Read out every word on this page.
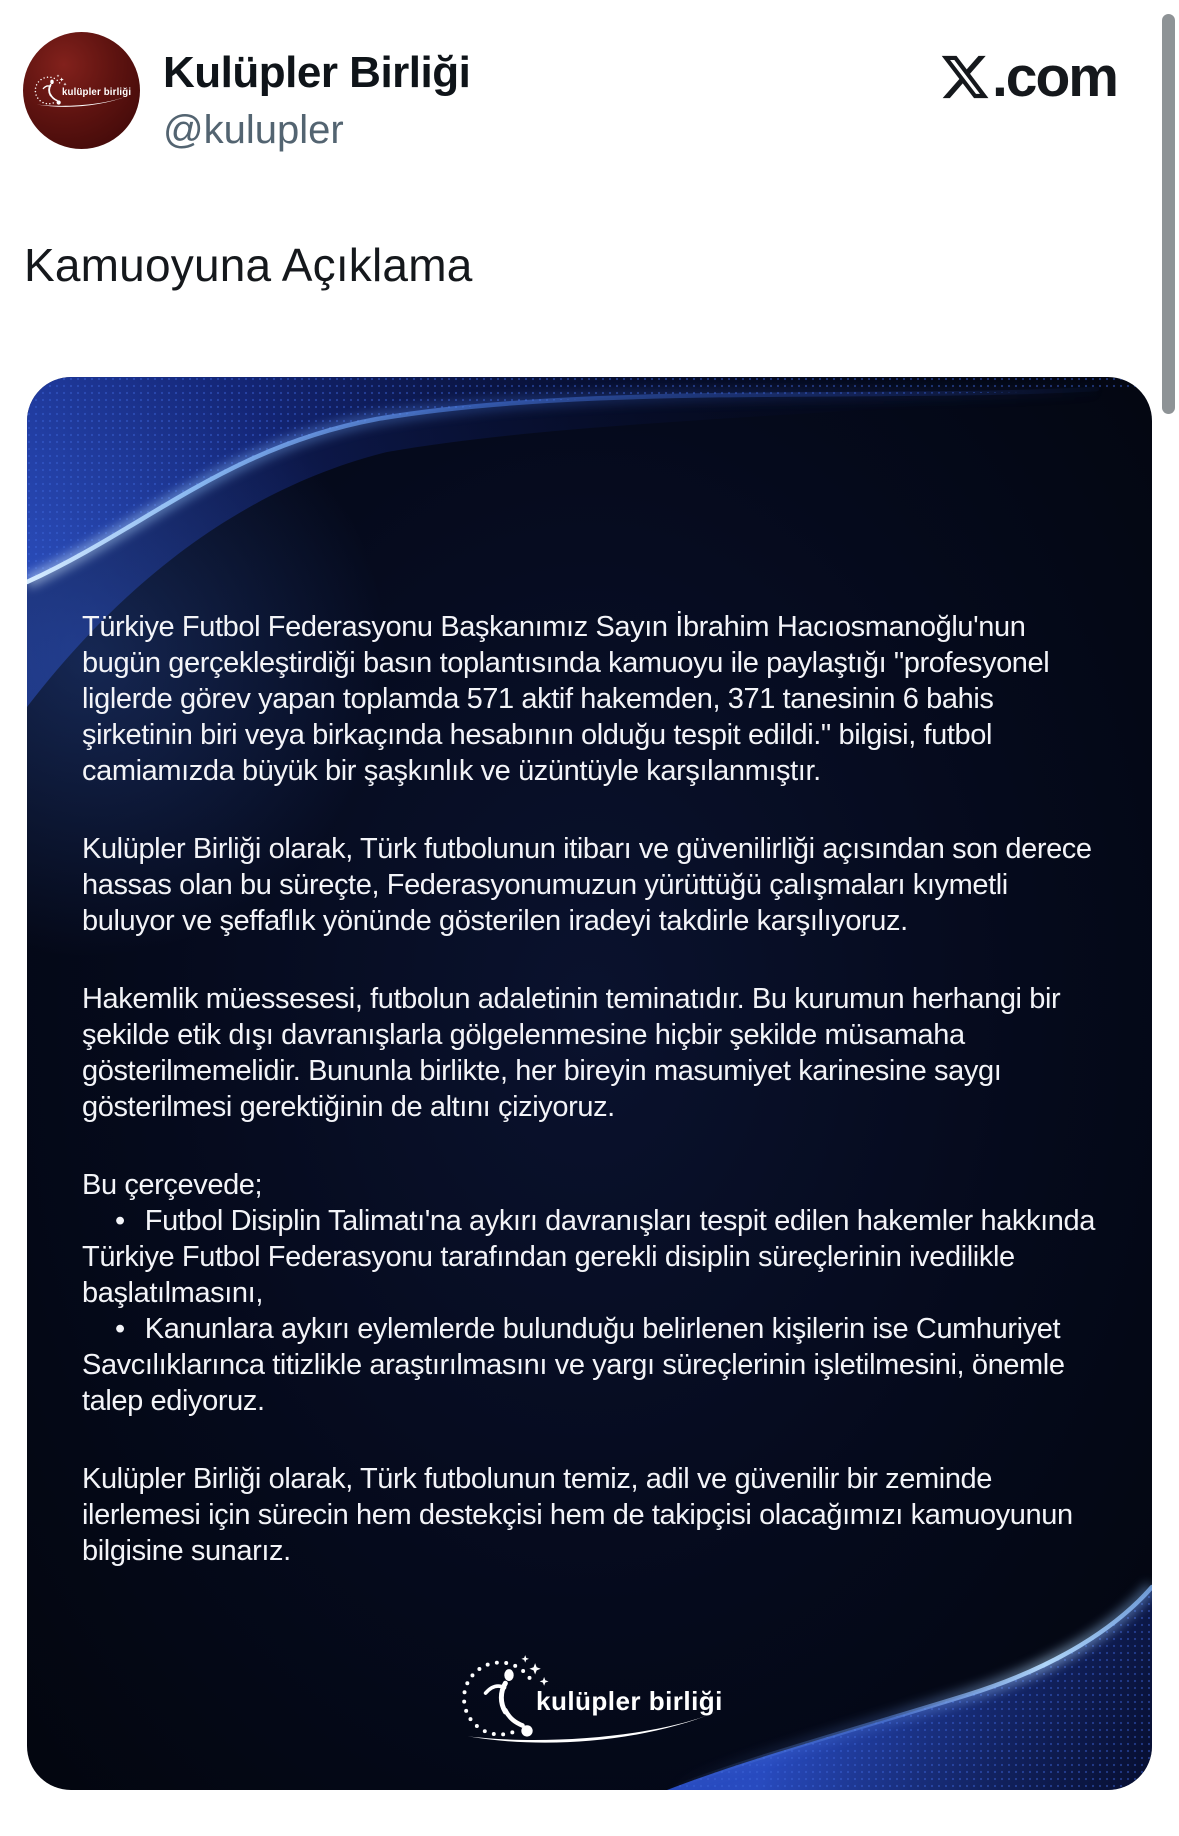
Kulüpler Birliği
@kulupler
.com
Kamuoyuna Açıklama

Türkiye Futbol Federasyonu Başkanımız Sayın İbrahim Hacıosmanoğlu'nun bugün gerçekleştirdiği basın toplantısında kamuoyu ile paylaştığı "profesyonel liglerde görev yapan toplamda 571 aktif hakemden, 371 tanesinin 6 bahis şirketinin biri veya birkaçında hesabının olduğu tespit edildi." bilgisi, futbol camiamızda büyük bir şaşkınlık ve üzüntüyle karşılanmıştır.

Kulüpler Birliği olarak, Türk futbolunun itibarı ve güvenilirliği açısından son derece hassas olan bu süreçte, Federasyonumuzun yürüttüğü çalışmaları kıymetli buluyor ve şeffaflık yönünde gösterilen iradeyi takdirle karşılıyoruz.

Hakemlik müessesesi, futbolun adaletinin teminatıdır. Bu kurumun herhangi bir şekilde etik dışı davranışlarla gölgelenmesine hiçbir şekilde müsamaha gösterilmemelidir. Bununla birlikte, her bireyin masumiyet karinesine saygı gösterilmesi gerektiğinin de altını çiziyoruz.

Bu çerçevede;

• Futbol Disiplin Talimatı'na aykırı davranışları tespit edilen hakemler hakkında Türkiye Futbol Federasyonu tarafından gerekli disiplin süreçlerinin ivedilikle başlatılmasını,

• Kanunlara aykırı eylemlerde bulunduğu belirlenen kişilerin ise Cumhuriyet Savcılıklarınca titizlikle araştırılmasını ve yargı süreçlerinin işletilmesini, önemle talep ediyoruz.

Kulüpler Birliği olarak, Türk futbolunun temiz, adil ve güvenilir bir zeminde ilerlemesi için sürecin hem destekçisi hem de takipçisi olacağımızı kamuoyunun bilgisine sunarız.
